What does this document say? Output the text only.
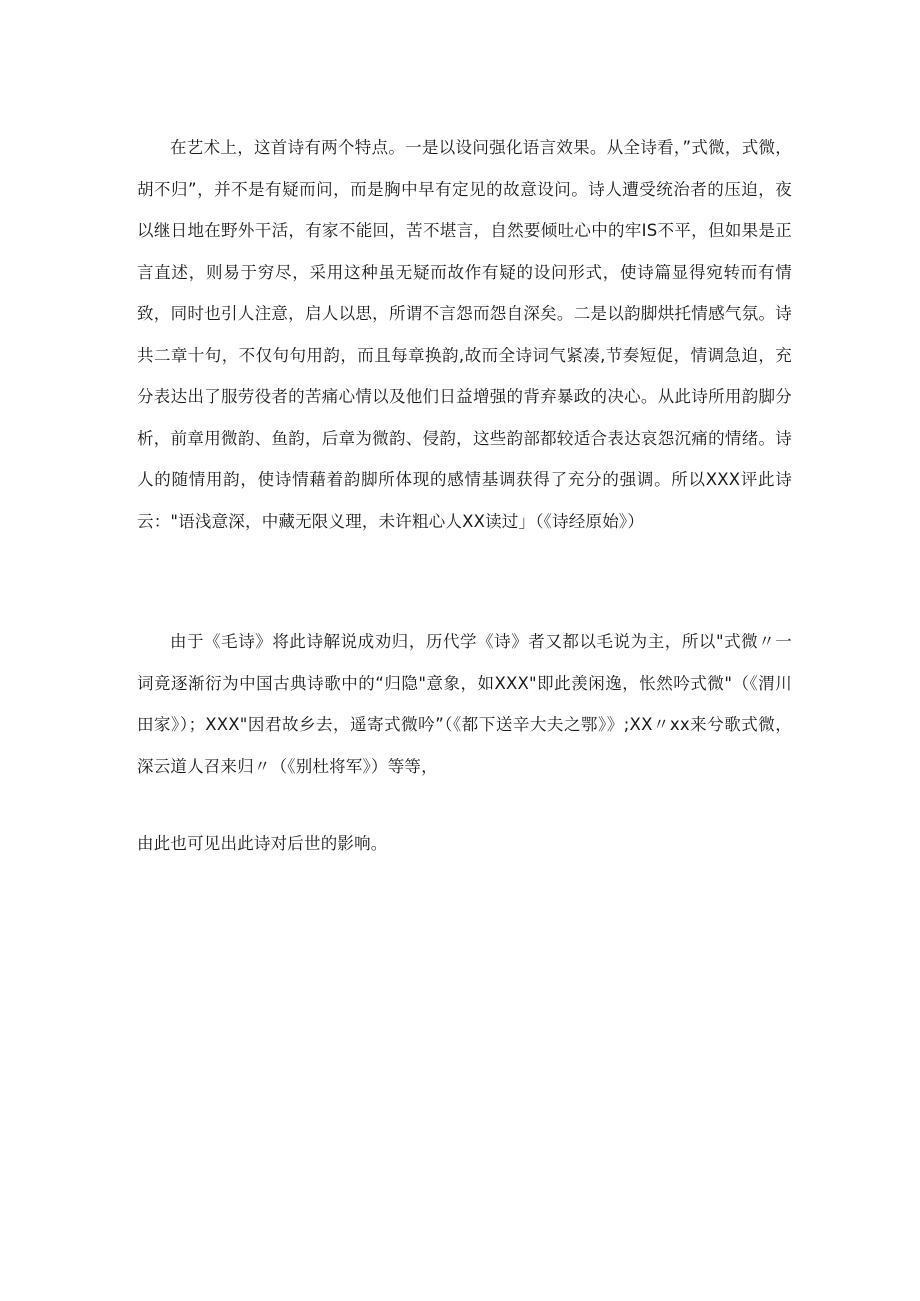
在艺术上，这首诗有两个特点。一是以设问强化语言效果。从全诗看，”式微，式微，胡不归”，并不是有疑而问，而是胸中早有定见的故意设问。诗人遭受统治者的压迫，夜以继日地在野外干活，有家不能回，苦不堪言，自然要倾吐心中的牢IS不平，但如果是正言直述，则易于穷尽，采用这种虽无疑而故作有疑的设问形式，使诗篇显得宛转而有情致，同时也引人注意，启人以思，所谓不言怨而怨自深矣。二是以韵脚烘托情感气氛。诗共二章十句，不仅句句用韵，而且每章换韵,故而全诗词气紧凑,节奏短促，情调急迫，充分表达出了服劳役者的苦痛心情以及他们日益增强的背弃暴政的决心。从此诗所用韵脚分析，前章用微韵、鱼韵，后章为微韵、侵韵，这些韵部都较适合表达哀怨沉痛的情绪。诗人的随情用韵，使诗情藉着韵脚所体现的感情基调获得了充分的强调。所以XXX评此诗云："语浅意深，中藏无限义理，未许粗心人XX读过」（《诗经原始》）

由于《毛诗》将此诗解说成劝归，历代学《诗》者又都以毛说为主，所以"式微〃一词竟逐渐衍为中国古典诗歌中的“归隐"意象，如XXX"即此羡闲逸，怅然吟式微"（《渭川田家》）；XXX"因君故乡去，遥寄式微吟”（《都下送辛大夫之鄂》》;XX〃xx来兮歌式微，深云道人召来归〃（《别杜将军》）等等，

由此也可见出此诗对后世的影响。
